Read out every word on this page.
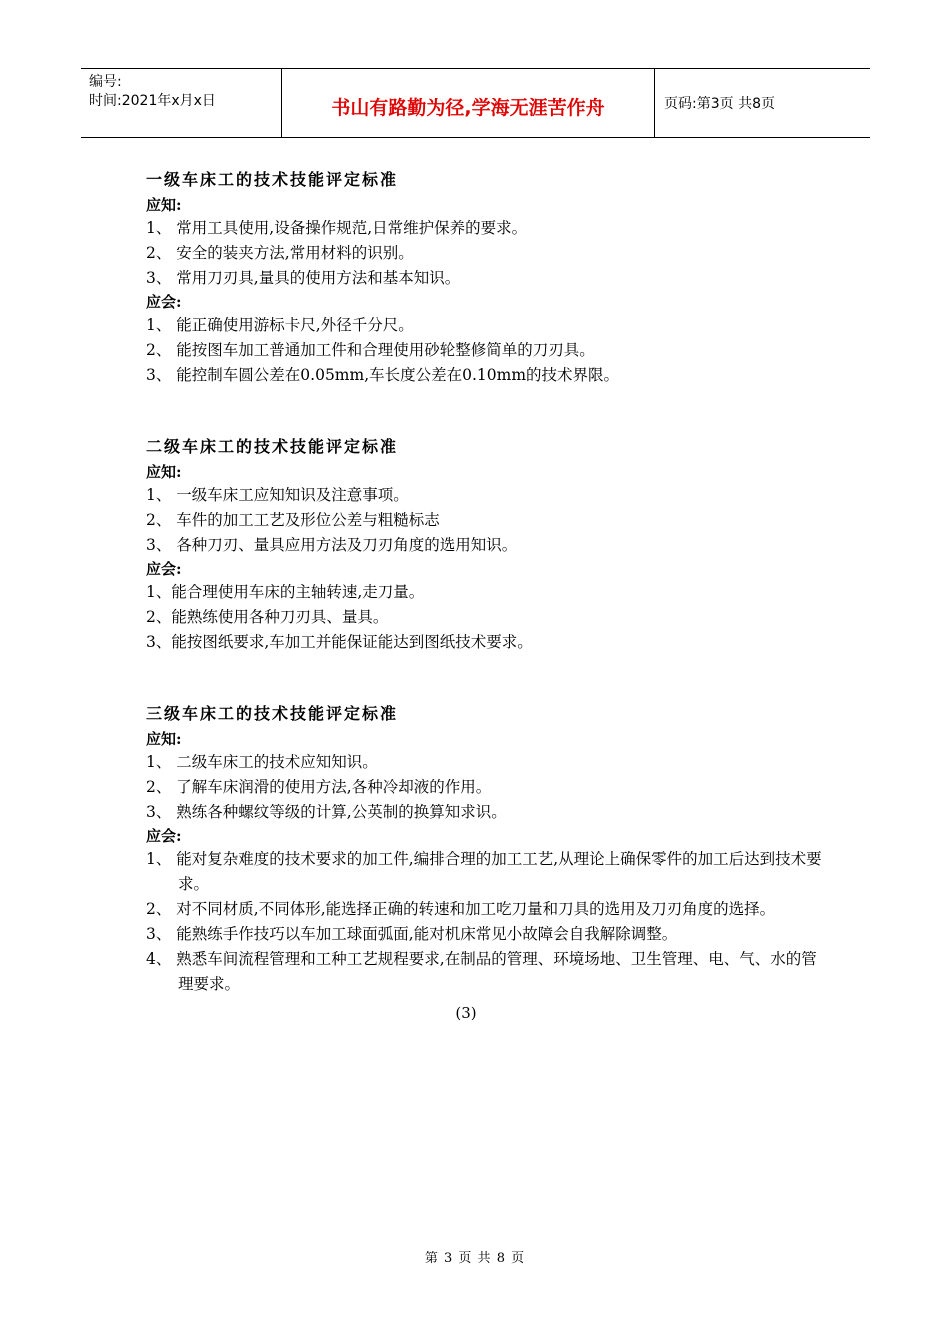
编号:
时间:2021年x月x日	书山有路勤为径,学海无涯苦作舟	页码:第3页 共8页
一级车床工的技术技能评定标准
应知:
1、 常用工具使用,设备操作规范,日常维护保养的要求。
2、 安全的装夹方法,常用材料的识别。
3、 常用刀刃具,量具的使用方法和基本知识。
应会:
1、 能正确使用游标卡尺,外径千分尺。
2、 能按图车加工普通加工件和合理使用砂轮整修简单的刀刃具。
3、 能控制车圆公差在0.05mm,车长度公差在0.10mm的技术界限。
二级车床工的技术技能评定标准
应知:
1、 一级车床工应知知识及注意事项。
2、 车件的加工工艺及形位公差与粗糙标志
3、 各种刀刃、量具应用方法及刀刃角度的选用知识。
应会:
1、能合理使用车床的主轴转速,走刀量。
2、能熟练使用各种刀刃具、量具。
3、能按图纸要求,车加工并能保证能达到图纸技术要求。
三级车床工的技术技能评定标准
应知:
1、 二级车床工的技术应知知识。
2、 了解车床润滑的使用方法,各种冷却液的作用。
3、 熟练各种螺纹等级的计算,公英制的换算知求识。
应会:
1、 能对复杂难度的技术要求的加工件,编排合理的加工工艺,从理论上确保零件的加工后达到技术要求。
2、 对不同材质,不同体形,能选择正确的转速和加工吃刀量和刀具的选用及刀刃角度的选择。
3、 能熟练手作技巧以车加工球面弧面,能对机床常见小故障会自我解除调整。
4、 熟悉车间流程管理和工种工艺规程要求,在制品的管理、环境场地、卫生管理、电、气、水的管理要求。
(3)
第 3 页 共 8 页
